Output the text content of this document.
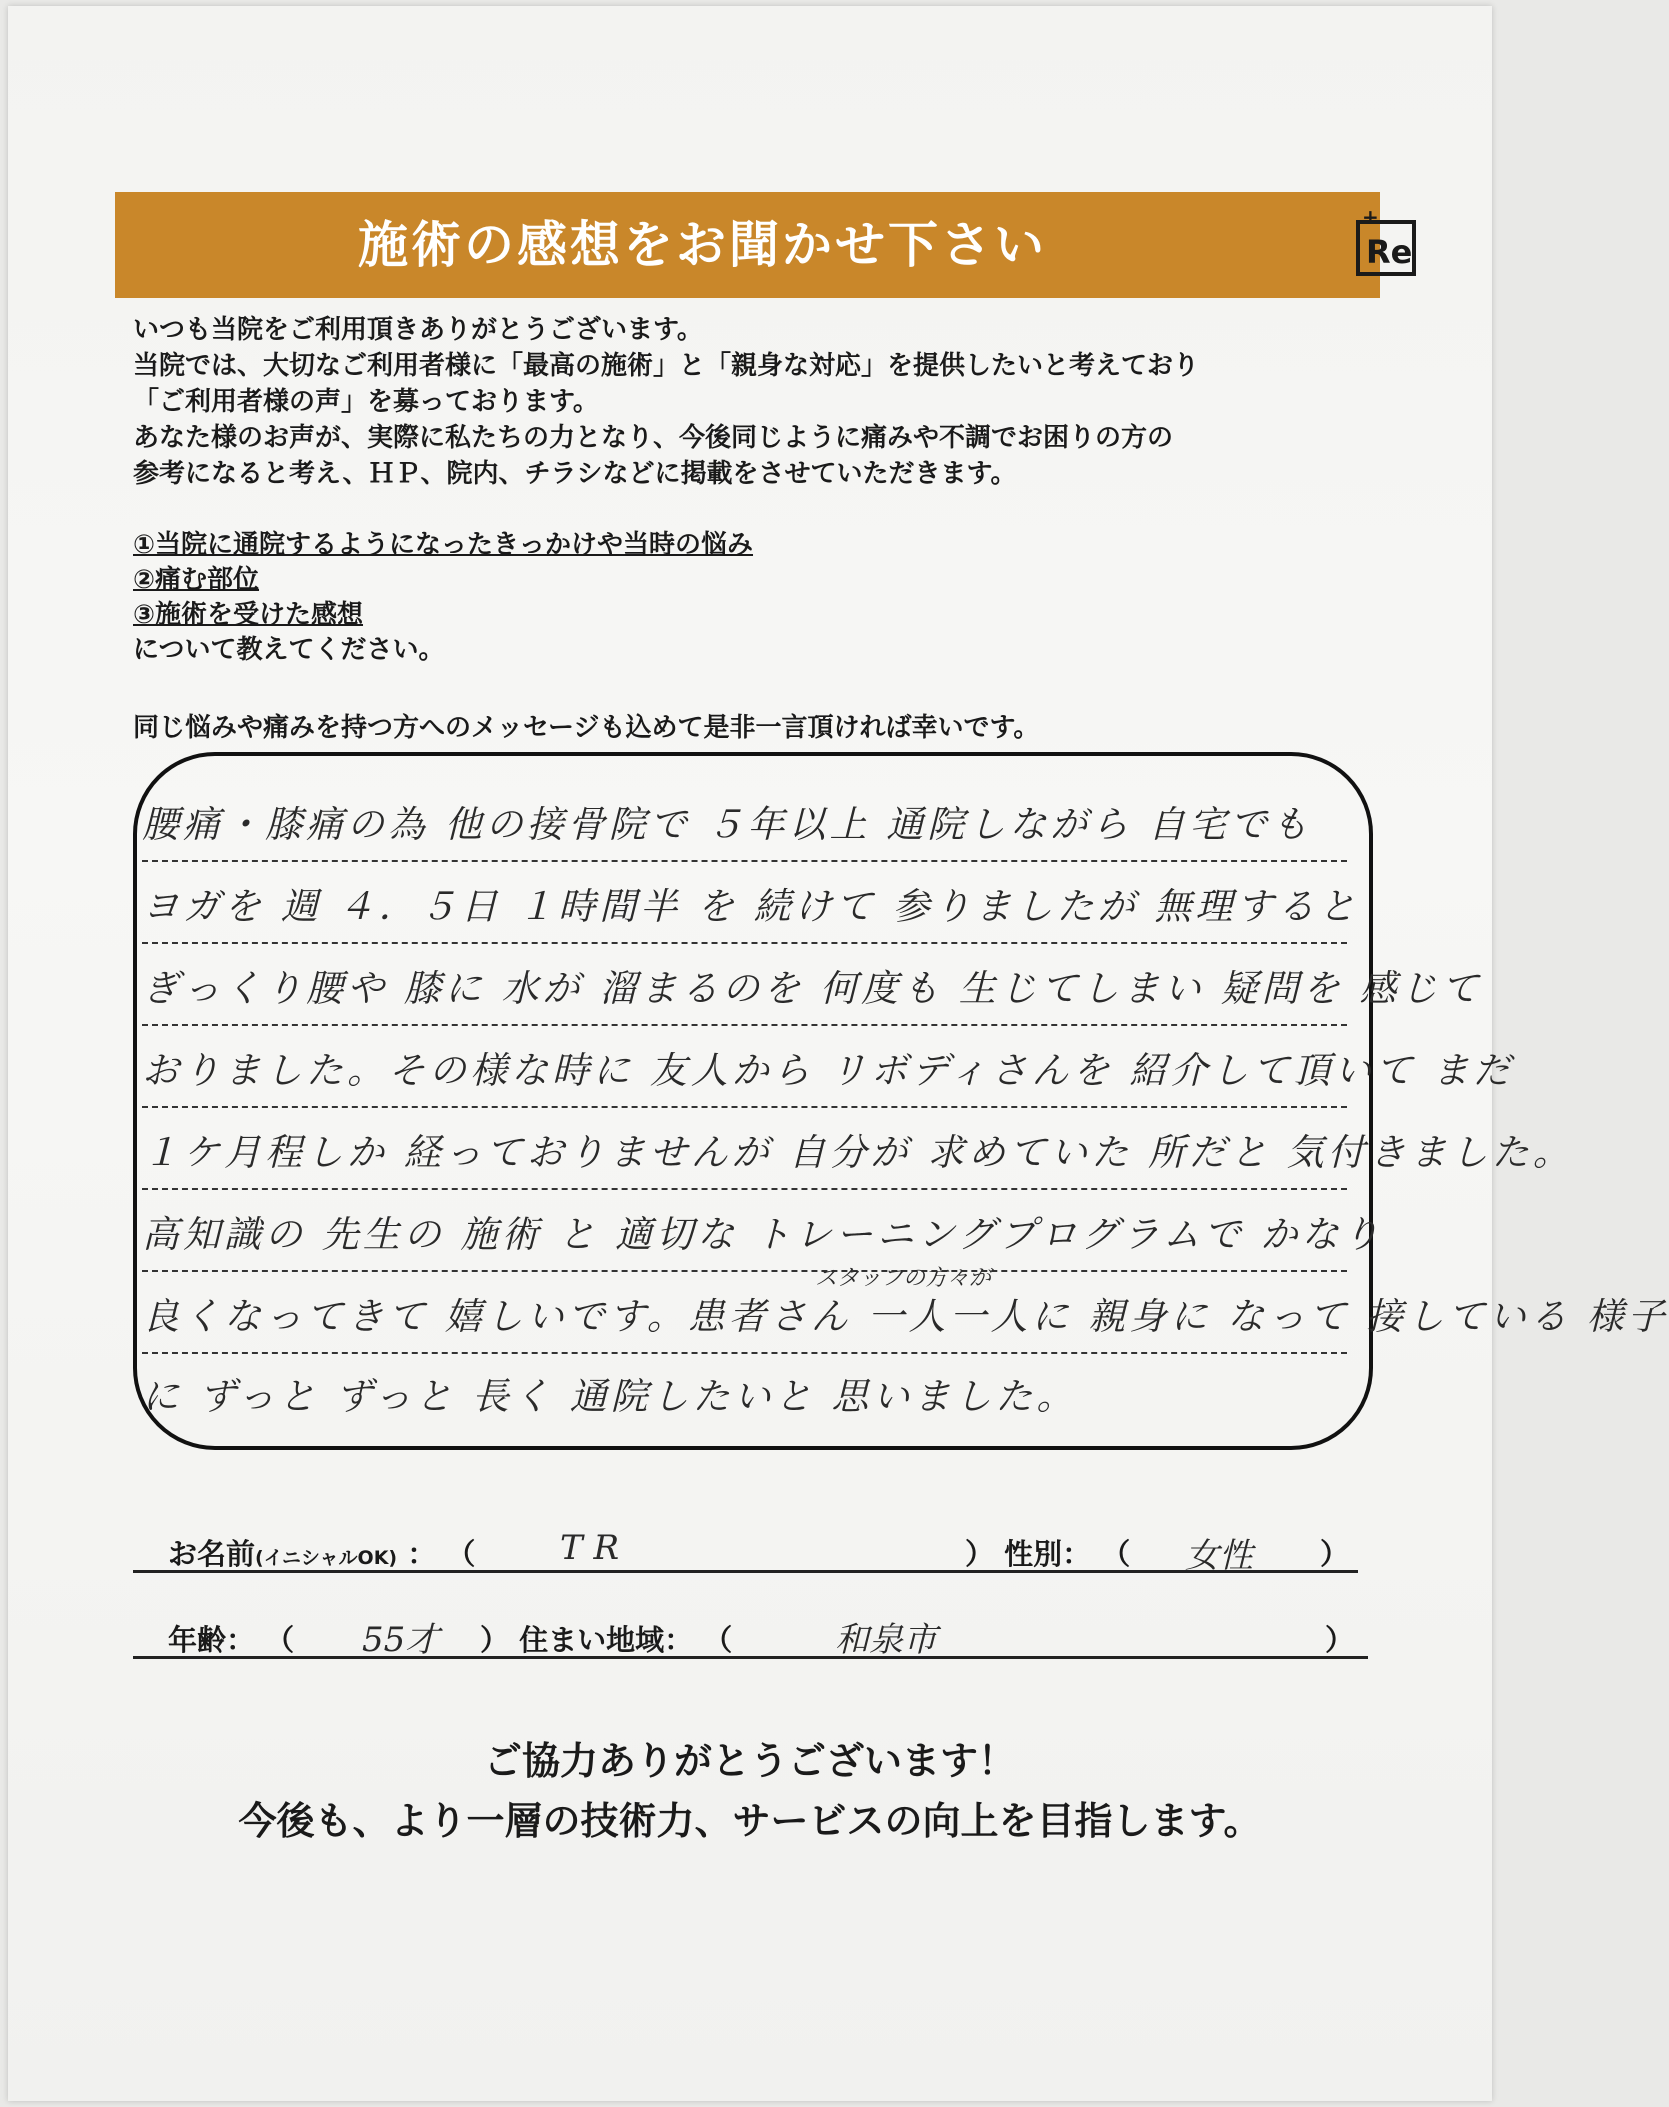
施術の感想をお聞かせ下さい	+
Re

いつも当院をご利用頂きありがとうございます。

当院では、大切なご利用者様に「最高の施術」と「親身な対応」を提供したいと考えており

「ご利用者様の声」を募っております。

あなた様のお声が、実際に私たちの力となり、今後同じように痛みや不調でお困りの方の

参考になると考え、ＨＰ、院内、チラシなどに掲載をさせていただきます。

①当院に通院するようになったきっかけや当時の悩み

②痛む部位

③施術を受けた感想

について教えてください。

同じ悩みや痛みを持つ方へのメッセージも込めて是非一言頂ければ幸いです。
腰痛・膝痛の為 他の接骨院で ５年以上 通院しながら 自宅でも
ヨガを 週 ４．５日 １時間半 を 続けて 参りましたが 無理すると
ぎっくり腰や 膝に 水が 溜まるのを 何度も 生じてしまい 疑問を 感じて
おりました。その様な時に 友人から リボディさんを 紹介して頂いて まだ
１ケ月程しか 経っておりませんが 自分が 求めていた 所だと 気付きました。
高知識の 先生の 施術 と 適切な トレーニングプログラムで かなり
スタッフの方々が
良くなってきて 嬉しいです。患者さん 一人一人に 親身に なって 接している 様子
に ずっと ずっと 長く 通院したいと 思いました。
お名前(イニシャルOK) ： （ T R	） 性別： （ 女性 ）
年齢： （ 55才 ） 住まい地域： （	和泉市	）
ご協力ありがとうございます！
今後も、より一層の技術力、サービスの向上を目指します。
